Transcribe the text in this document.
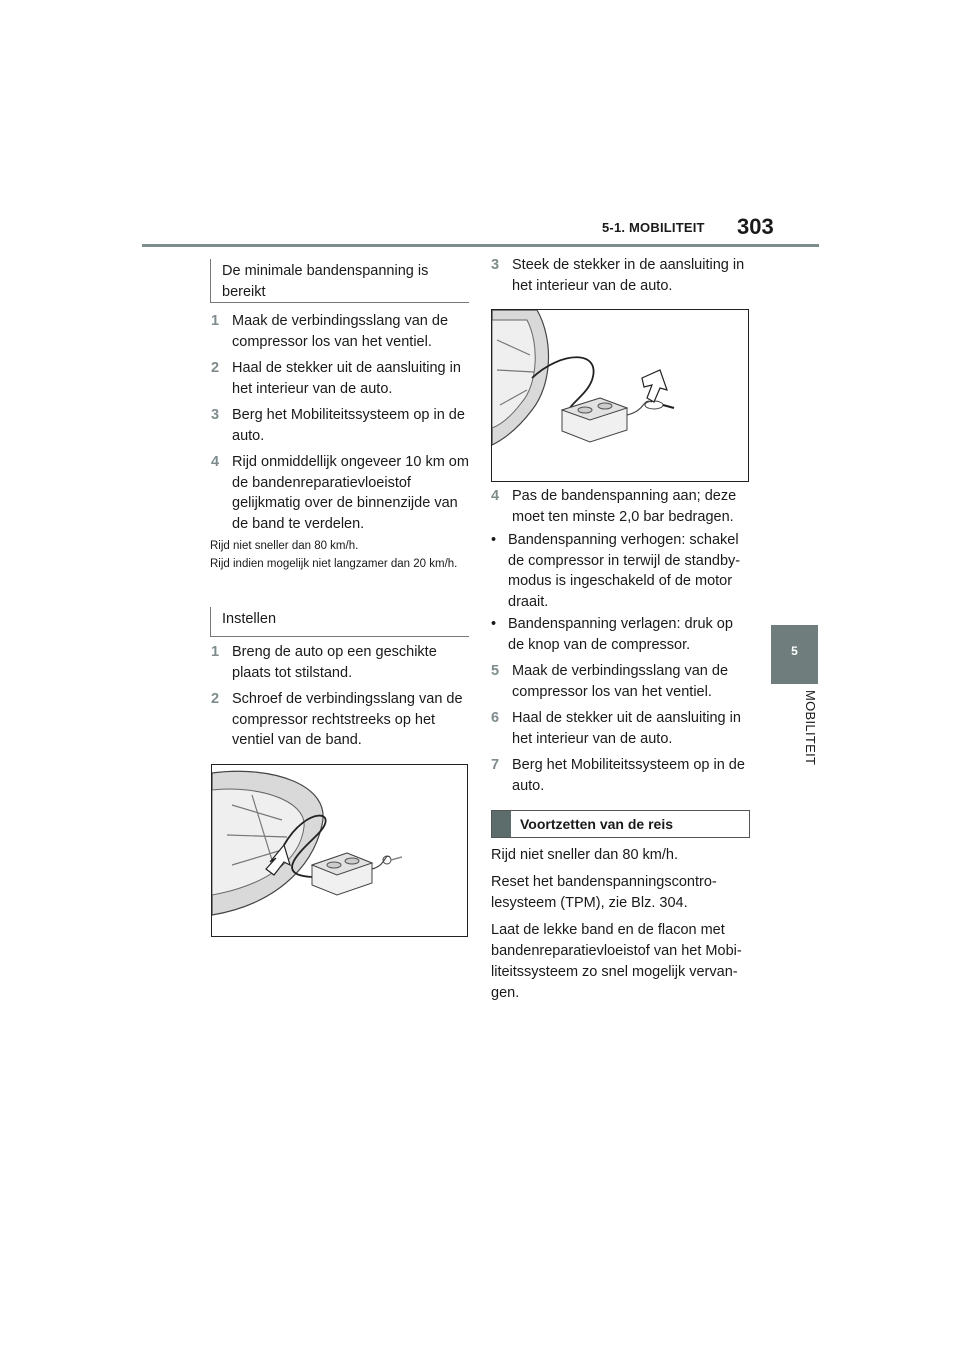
5-1. MOBILITEIT 303
5
MOBILITEIT
De minimale bandenspanning is bereikt
1 Maak de verbindingsslang van de compressor los van het ventiel.
2 Haal de stekker uit de aansluiting in het interieur van de auto.
3 Berg het Mobiliteitssysteem op in de auto.
4 Rijd onmiddellijk ongeveer 10 km om de bandenreparatievloeistof gelijkmatig over de binnenzijde van de band te verdelen.
Rijd niet sneller dan 80 km/h.
Rijd indien mogelijk niet langzamer dan 20 km/h.
Instellen
1 Breng de auto op een geschikte plaats tot stilstand.
2 Schroef de verbindingsslang van de compressor rechtstreeks op het ventiel van de band.
3 Steek de stekker in de aansluiting in het interieur van de auto.
4 Pas de bandenspanning aan; deze moet ten minste 2,0 bar bedragen.
• Bandenspanning verhogen: schakel de compressor in terwijl de standby-modus is ingeschakeld of de motor draait.
• Bandenspanning verlagen: druk op de knop van de compressor.
5 Maak de verbindingsslang van de compressor los van het ventiel.
6 Haal de stekker uit de aansluiting in het interieur van de auto.
7 Berg het Mobiliteitssysteem op in de auto.
Voortzetten van de reis
Rijd niet sneller dan 80 km/h.
Reset het bandenspanningscontro-lesysteem (TPM), zie Blz. 304.
Laat de lekke band en de flacon met bandenreparatievloeistof van het Mobi-liteitssysteem zo snel mogelijk vervan-gen.
